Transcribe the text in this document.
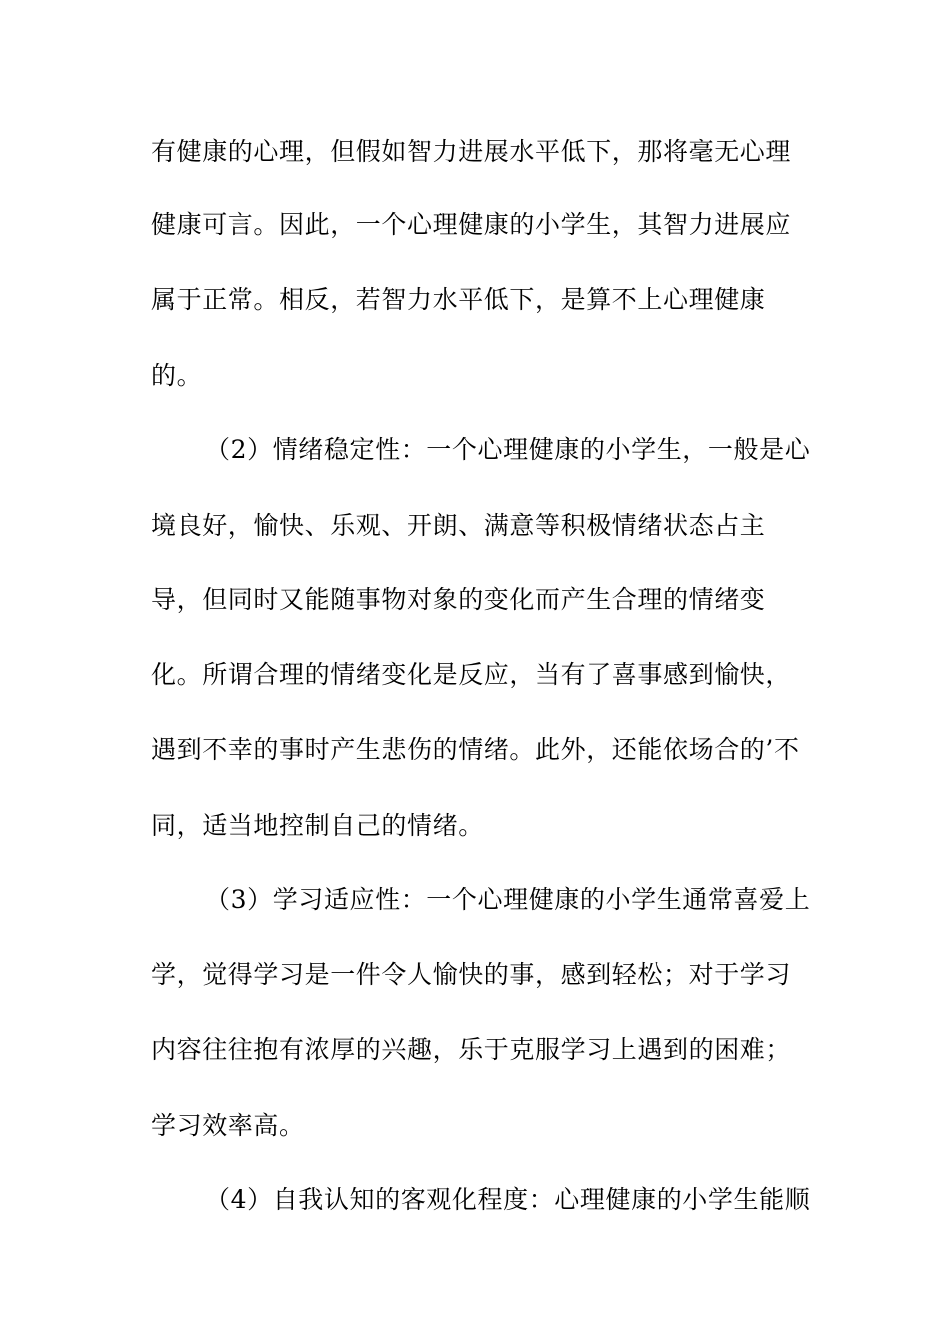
有健康的心理，但假如智力进展水平低下，那将毫无心理
健康可言。因此，一个心理健康的小学生，其智力进展应
属于正常。相反，若智力水平低下，是算不上心理健康
的。
（2）情绪稳定性：一个心理健康的小学生，一般是心
境良好，愉快、乐观、开朗、满意等积极情绪状态占主
导，但同时又能随事物对象的变化而产生合理的情绪变
化。所谓合理的情绪变化是反应，当有了喜事感到愉快，
遇到不幸的事时产生悲伤的情绪。此外，还能依场合的’不
同，适当地控制自己的情绪。
（3）学习适应性：一个心理健康的小学生通常喜爱上
学，觉得学习是一件令人愉快的事，感到轻松；对于学习
内容往往抱有浓厚的兴趣，乐于克服学习上遇到的困难；
学习效率高。
（4）自我认知的客观化程度：心理健康的小学生能顺
